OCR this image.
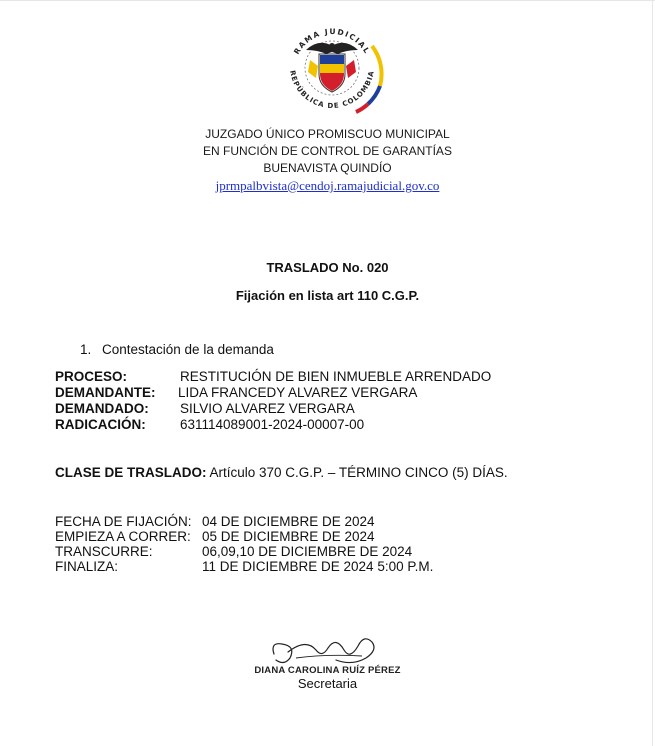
RAMA JUDICIAL
REPÚBLICA DE COLOMBIA
JUZGADO ÚNICO PROMISCUO MUNICIPAL
EN FUNCIÓN DE CONTROL DE GARANTÍAS
BUENAVISTA QUINDÍO
jprmpalbvista@cendoj.ramajudicial.gov.co
TRASLADO No. 020
Fijación en lista art 110 C.G.P.
1. Contestación de la demanda
PROCESO:	RESTITUCIÓN DE BIEN INMUEBLE ARRENDADO
DEMANDANTE: LIDA FRANCEDY ALVAREZ VERGARA
DEMANDADO: SILVIO ALVAREZ VERGARA
RADICACIÓN:	631114089001-2024-00007-00
CLASE DE TRASLADO: Artículo 370 C.G.P. – TÉRMINO CINCO (5) DÍAS.
FECHA DE FIJACIÓN: 04 DE DICIEMBRE DE 2024
EMPIEZA A CORRER: 05 DE DICIEMBRE DE 2024
TRANSCURRE:	06,09,10 DE DICIEMBRE DE 2024
FINALIZA:	11 DE DICIEMBRE DE 2024 5:00 P.M.
DIANA CAROLINA RUÍZ PÉREZ
Secretaria
